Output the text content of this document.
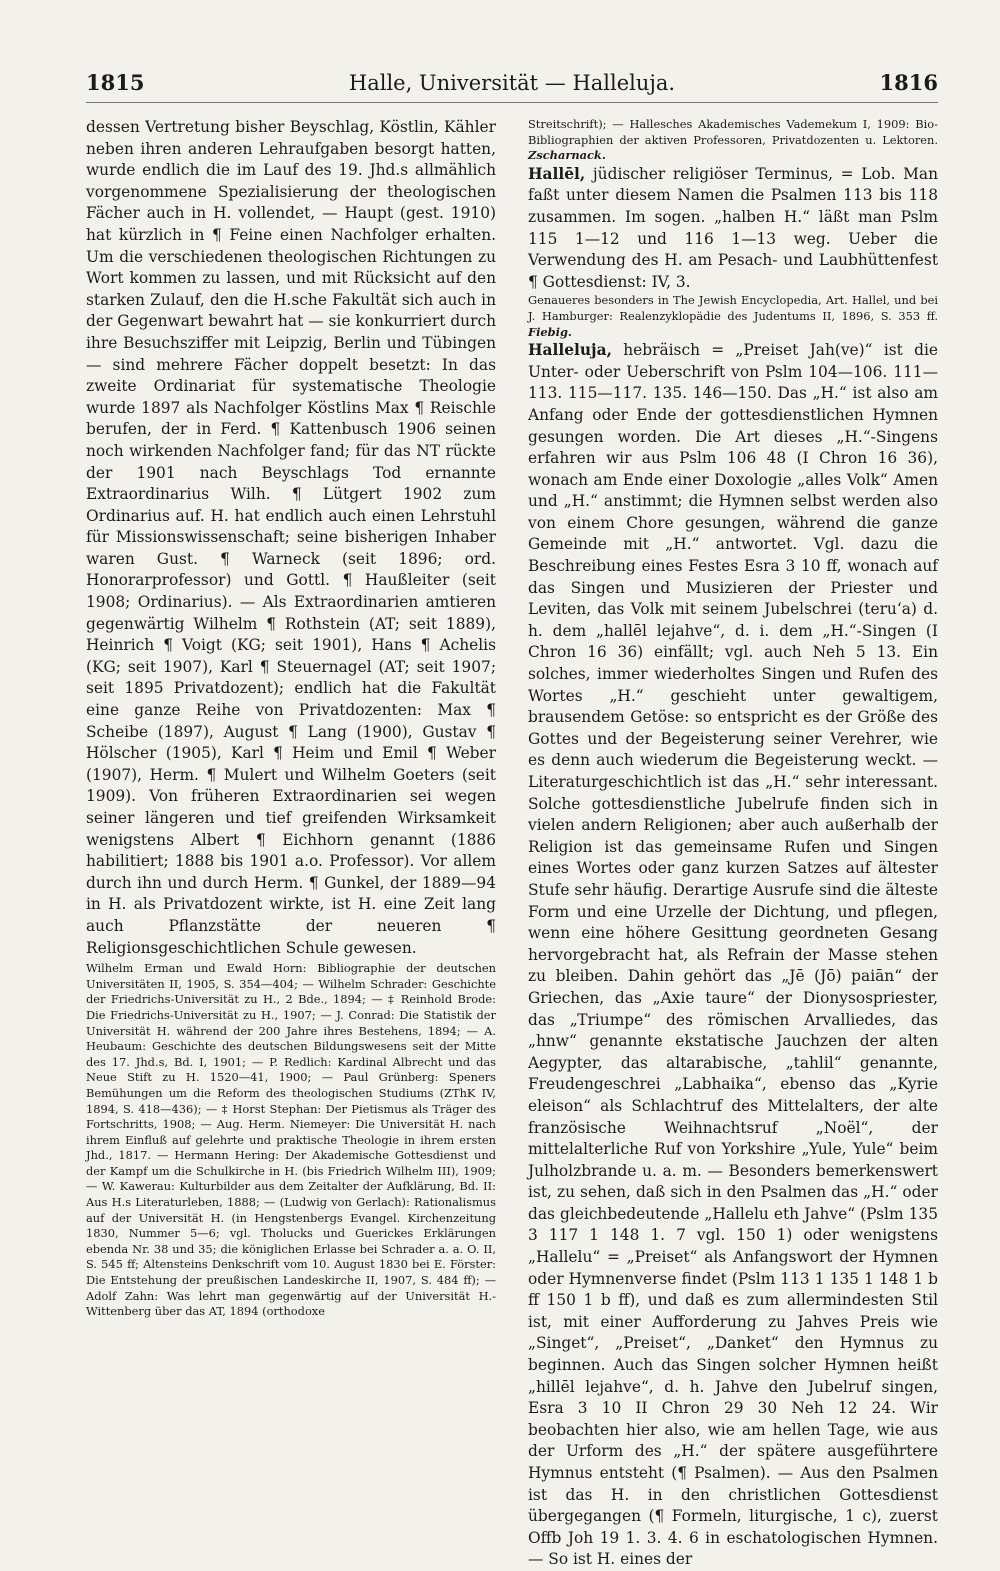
1815	Halle, Universität — Halleluja.	1816

dessen Vertretung bisher Beyschlag, Köstlin, Kähler neben ihren anderen Lehraufgaben besorgt hatten, wurde endlich die im Lauf des 19. Jhd.s allmählich vorgenommene Spezialisierung der theologischen Fächer auch in H. vollendet, — Haupt (gest. 1910) hat kürzlich in ¶ Feine einen Nachfolger erhalten. Um die verschiedenen theologischen Richtungen zu Wort kommen zu lassen, und mit Rücksicht auf den starken Zulauf, den die H.sche Fakultät sich auch in der Gegenwart bewahrt hat — sie konkurriert durch ihre Besuchsziffer mit Leipzig, Berlin und Tübingen — sind mehrere Fächer doppelt besetzt: In das zweite Ordinariat für systematische Theologie wurde 1897 als Nachfolger Köstlins Max ¶ Reischle berufen, der in Ferd. ¶ Kattenbusch 1906 seinen noch wirkenden Nachfolger fand; für das NT rückte der 1901 nach Beyschlags Tod ernannte Extraordinarius Wilh. ¶ Lütgert 1902 zum Ordinarius auf. H. hat endlich auch einen Lehrstuhl für Missionswissenschaft; seine bisherigen Inhaber waren Gust. ¶ Warneck (seit 1896; ord. Honorarprofessor) und Gottl. ¶ Haußleiter (seit 1908; Ordinarius). — Als Extraordinarien amtieren gegenwärtig Wilhelm ¶ Rothstein (AT; seit 1889), Heinrich ¶ Voigt (KG; seit 1901), Hans ¶ Achelis (KG; seit 1907), Karl ¶ Steuernagel (AT; seit 1907; seit 1895 Privatdozent); endlich hat die Fakultät eine ganze Reihe von Privatdozenten: Max ¶ Scheibe (1897), August ¶ Lang (1900), Gustav ¶ Hölscher (1905), Karl ¶ Heim und Emil ¶ Weber (1907), Herm. ¶ Mulert und Wilhelm Goeters (seit 1909). Von früheren Extraordinarien sei wegen seiner längeren und tief greifenden Wirksamkeit wenigstens Albert ¶ Eichhorn genannt (1886 habilitiert; 1888 bis 1901 a.o. Professor). Vor allem durch ihn und durch Herm. ¶ Gunkel, der 1889—94 in H. als Privatdozent wirkte, ist H. eine Zeit lang auch Pflanzstätte der neueren ¶ Religionsgeschichtlichen Schule gewesen.

Wilhelm Erman und Ewald Horn: Bibliographie der deutschen Universitäten II, 1905, S. 354—404; — Wilhelm Schrader: Geschichte der Friedrichs-Universität zu H., 2 Bde., 1894; — ‡ Reinhold Brode: Die Friedrichs-Universität zu H., 1907; — J. Conrad: Die Statistik der Universität H. während der 200 Jahre ihres Bestehens, 1894; — A. Heubaum: Geschichte des deutschen Bildungswesens seit der Mitte des 17. Jhd.s, Bd. I, 1901; — P. Redlich: Kardinal Albrecht und das Neue Stift zu H. 1520—41, 1900; — Paul Grünberg: Speners Bemühungen um die Reform des theologischen Studiums (ZThK IV, 1894, S. 418—436); — ‡ Horst Stephan: Der Pietismus als Träger des Fortschritts, 1908; — Aug. Herm. Niemeyer: Die Universität H. nach ihrem Einfluß auf gelehrte und praktische Theologie in ihrem ersten Jhd., 1817. — Hermann Hering: Der Akademische Gottesdienst und der Kampf um die Schulkirche in H. (bis Friedrich Wilhelm III), 1909; — W. Kawerau: Kulturbilder aus dem Zeitalter der Aufklärung, Bd. II: Aus H.s Literaturleben, 1888; — (Ludwig von Gerlach): Rationalismus auf der Universität H. (in Hengstenbergs Evangel. Kirchenzeitung 1830, Nummer 5—6; vgl. Tholucks und Guerickes Erklärungen ebenda Nr. 38 und 35; die königlichen Erlasse bei Schrader a. a. O. II, S. 545 ff; Altensteins Denkschrift vom 10. August 1830 bei E. Förster: Die Entstehung der preußischen Landeskirche II, 1907, S. 484 ff); — Adolf Zahn: Was lehrt man gegenwärtig auf der Universität H.-Wittenberg über das AT, 1894 (orthodoxe

Streitschrift); — Hallesches Akademisches Vademekum I, 1909: Bio-Bibliographien der aktiven Professoren, Privatdozenten u. Lektoren. Zscharnack.

Hallēl, jüdischer religiöser Terminus, = Lob. Man faßt unter diesem Namen die Psalmen 113 bis 118 zusammen. Im sogen. „halben H.“ läßt man Pslm 115 1—12 und 116 1—13 weg. Ueber die Verwendung des H. am Pesach- und Laubhüttenfest ¶ Gottesdienst: IV, 3.

Genaueres besonders in The Jewish Encyclopedia, Art. Hallel, und bei J. Hamburger: Realenzyklopädie des Judentums II, 1896, S. 353 ff. Fiebig.

Halleluja, hebräisch = „Preiset Jah(ve)“ ist die Unter- oder Ueberschrift von Pslm 104—106. 111—113. 115—117. 135. 146—150. Das „H.“ ist also am Anfang oder Ende der gottesdienstlichen Hymnen gesungen worden. Die Art dieses „H.“-Singens erfahren wir aus Pslm 106 48 (I Chron 16 36), wonach am Ende einer Doxologie „alles Volk“ Amen und „H.“ anstimmt; die Hymnen selbst werden also von einem Chore gesungen, während die ganze Gemeinde mit „H.“ antwortet. Vgl. dazu die Beschreibung eines Festes Esra 3 10 ff, wonach auf das Singen und Musizieren der Priester und Leviten, das Volk mit seinem Jubelschrei (teru‘a) d. h. dem „hallēl lejahve“, d. i. dem „H.“-Singen (I Chron 16 36) einfällt; vgl. auch Neh 5 13. Ein solches, immer wiederholtes Singen und Rufen des Wortes „H.“ geschieht unter gewaltigem, brausendem Getöse: so entspricht es der Größe des Gottes und der Begeisterung seiner Verehrer, wie es denn auch wiederum die Begeisterung weckt. — Literaturgeschichtlich ist das „H.“ sehr interessant. Solche gottesdienstliche Jubelrufe finden sich in vielen andern Religionen; aber auch außerhalb der Religion ist das gemeinsame Rufen und Singen eines Wortes oder ganz kurzen Satzes auf ältester Stufe sehr häufig. Derartige Ausrufe sind die älteste Form und eine Urzelle der Dichtung, und pflegen, wenn eine höhere Gesittung geordneten Gesang hervorgebracht hat, als Refrain der Masse stehen zu bleiben. Dahin gehört das „Jē (Jō) paiān“ der Griechen, das „Axie taure“ der Dionysospriester, das „Triumpe“ des römischen Arvalliedes, das „hnw“ genannte ekstatische Jauchzen der alten Aegypter, das altarabische, „tahlil“ genannte, Freudengeschrei „Labhaika“, ebenso das „Kyrie eleison“ als Schlachtruf des Mittelalters, der alte französische Weihnachtsruf „Noël“, der mittelalterliche Ruf von Yorkshire „Yule, Yule“ beim Julholzbrande u. a. m. — Besonders bemerkenswert ist, zu sehen, daß sich in den Psalmen das „H.“ oder das gleichbedeutende „Hallelu eth Jahve“ (Pslm 135 3 117 1 148 1. 7 vgl. 150 1) oder wenigstens „Hallelu“ = „Preiset“ als Anfangswort der Hymnen oder Hymnenverse findet (Pslm 113 1 135 1 148 1 b ff 150 1 b ff), und daß es zum allermindesten Stil ist, mit einer Aufforderung zu Jahves Preis wie „Singet“, „Preiset“, „Danket“ den Hymnus zu beginnen. Auch das Singen solcher Hymnen heißt „hillēl lejahve“, d. h. Jahve den Jubelruf singen, Esra 3 10 II Chron 29 30 Neh 12 24. Wir beobachten hier also, wie am hellen Tage, wie aus der Urform des „H.“ der spätere ausgeführtere Hymnus entsteht (¶ Psalmen). — Aus den Psalmen ist das H. in den christlichen Gottesdienst übergegangen (¶ Formeln, liturgische, 1 c), zuerst Offb Joh 19 1. 3. 4. 6 in eschatologischen Hymnen. — So ist H. eines der
